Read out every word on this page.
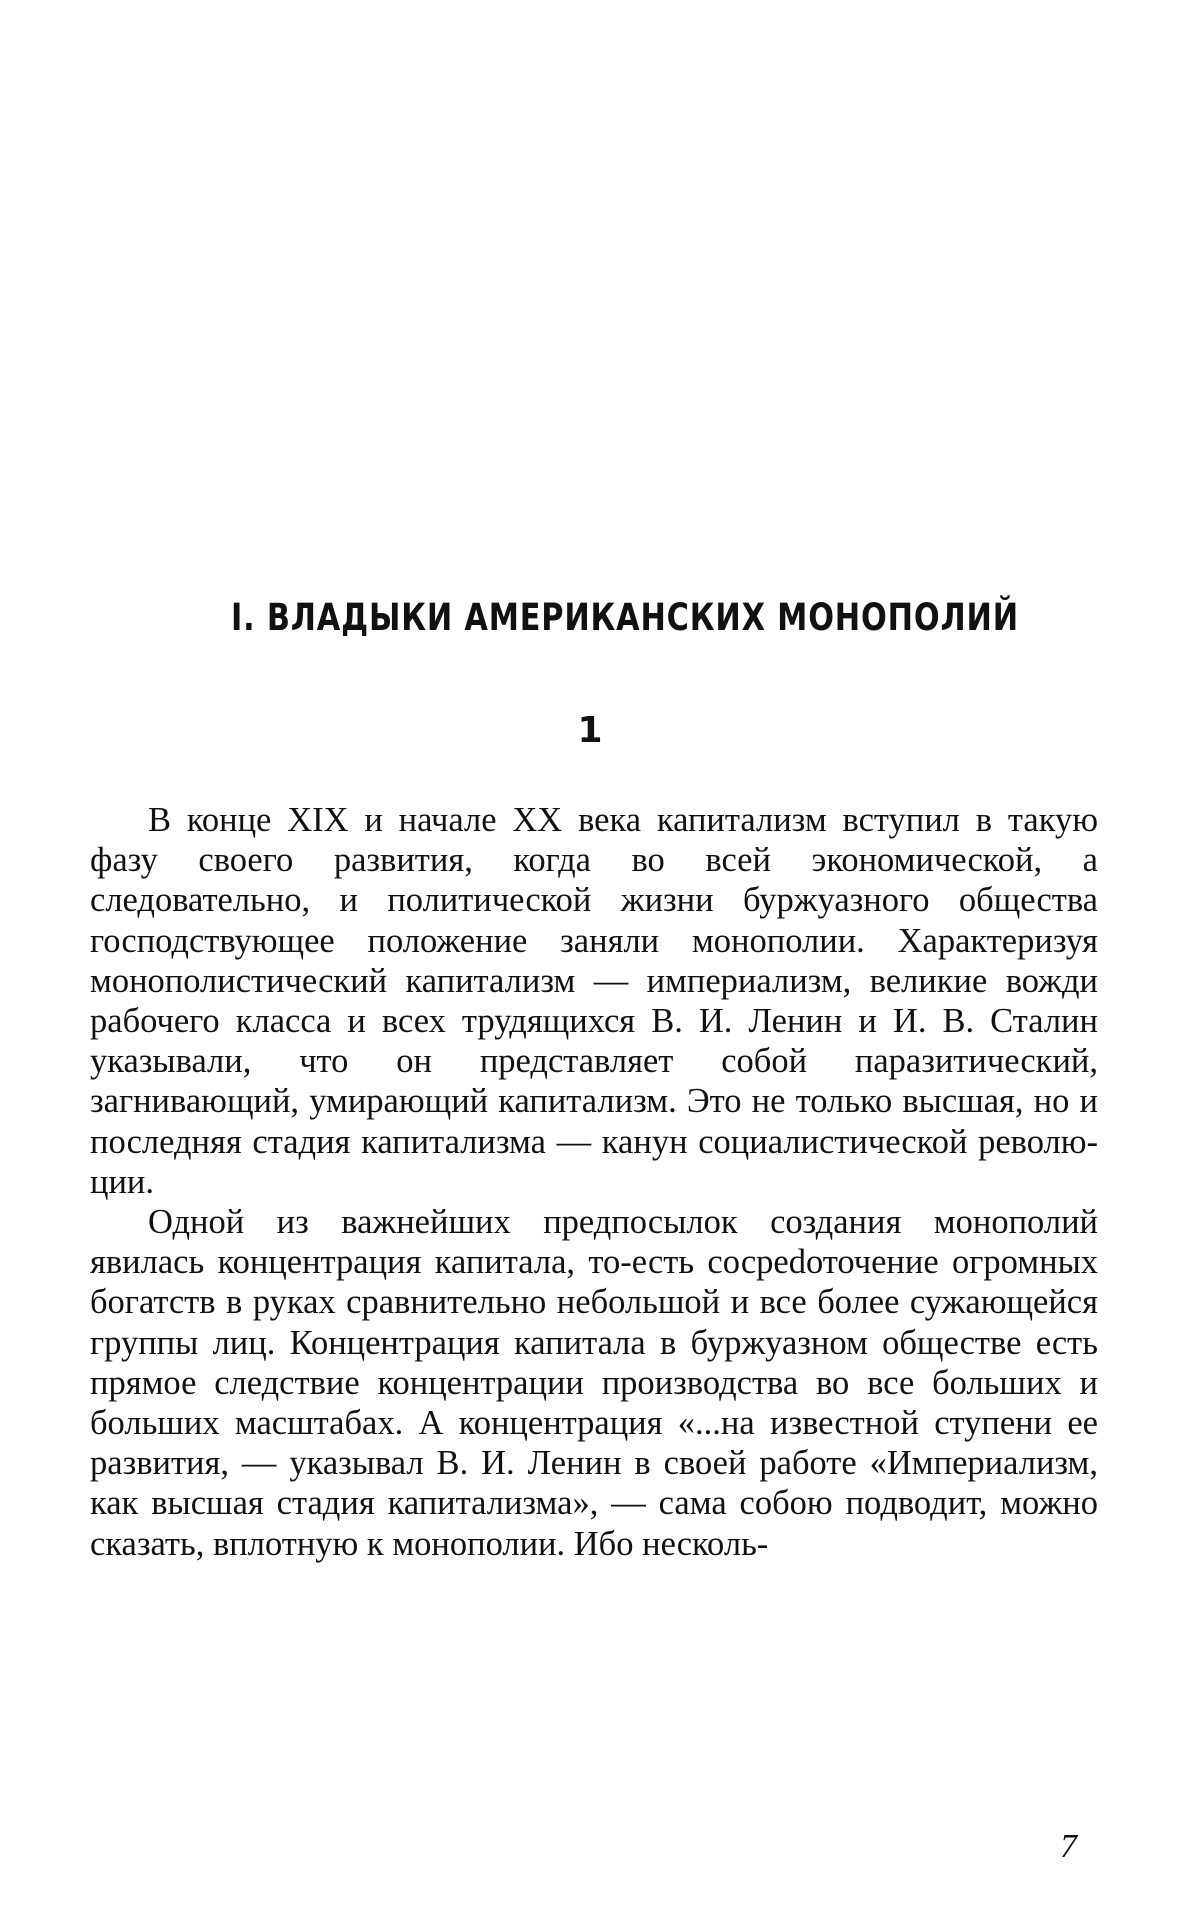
I. ВЛАДЫКИ АМЕРИКАНСКИХ МОНОПОЛИЙ
1

В конце XIX и начале XX века капитализм вступил в такую фазу своего развития, когда во всей экономической, а следовательно, и политической жизни буржуазного общества господствующее положение заняли монополии. Характеризуя монополистический капитализм — империализм, великие вожди рабочего класса и всех трудящихся В. И. Ленин и И. В. Сталин указывали, что он представляет собой паразитический, загнивающий, умирающий капитализм. Это не только высшая, но и последняя стадия капитализма — канун социалистической революции.

Одной из важнейших предпосылок создания монополий явилась концентрация капитала, то-есть сосреdоточение огромных богатств в руках сравнительно небольшой и все более сужающейся группы лиц. Концентрация капитала в буржуазном обществе есть прямое следствие концентрации производства во все больших и больших масштабах. А концентрация «...на известной ступени ее развития, — указывал В. И. Ленин в своей работе «Империализм, как высшая стадия капитализма», — сама собою подводит, можно сказать, вплотную к монополии. Ибо несколь-

7
